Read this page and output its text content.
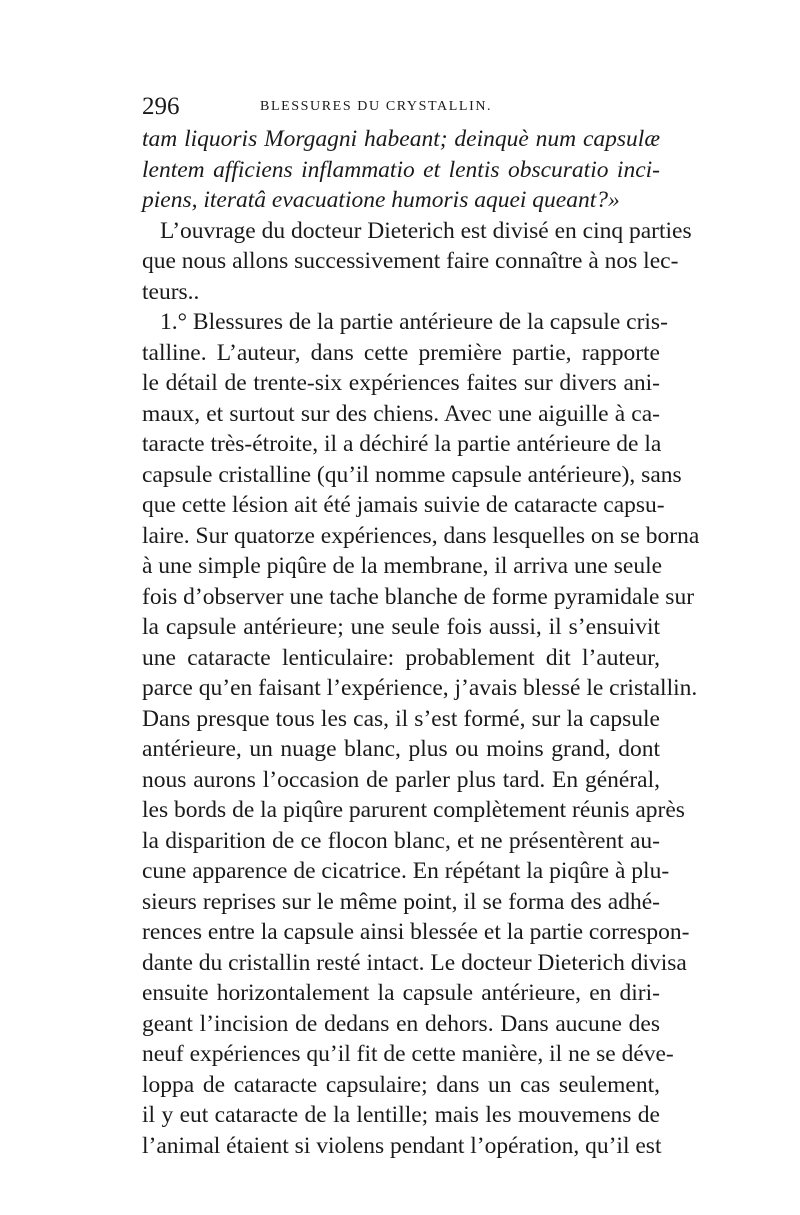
296	BLESSURES DU CRYSTALLIN.
tam liquoris Morgagni habeant; deinquè num capsulæ
lentem afficiens inflammatio et lentis obscuratio inci-
piens, iteratâ evacuatione humoris aquei queant?»
L’ouvrage du docteur Dieterich est divisé en cinq parties
que nous allons successivement faire connaître à nos lec-
teurs..
1.° Blessures de la partie antérieure de la capsule cris-
talline. L’auteur, dans cette première partie, rapporte
le détail de trente-six expériences faites sur divers ani-
maux, et surtout sur des chiens. Avec une aiguille à ca-
taracte très-étroite, il a déchiré la partie antérieure de la
capsule cristalline (qu’il nomme capsule antérieure), sans
que cette lésion ait été jamais suivie de cataracte capsu-
laire. Sur quatorze expériences, dans lesquelles on se borna
à une simple piqûre de la membrane, il arriva une seule
fois d’observer une tache blanche de forme pyramidale sur
la capsule antérieure; une seule fois aussi, il s’ensuivit
une cataracte lenticulaire: probablement dit l’auteur,
parce qu’en faisant l’expérience, j’avais blessé le cristallin.
Dans presque tous les cas, il s’est formé, sur la capsule
antérieure, un nuage blanc, plus ou moins grand, dont
nous aurons l’occasion de parler plus tard. En général,
les bords de la piqûre parurent complètement réunis après
la disparition de ce flocon blanc, et ne présentèrent au-
cune apparence de cicatrice. En répétant la piqûre à plu-
sieurs reprises sur le même point, il se forma des adhé-
rences entre la capsule ainsi blessée et la partie correspon-
dante du cristallin resté intact. Le docteur Dieterich divisa
ensuite horizontalement la capsule antérieure, en diri-
geant l’incision de dedans en dehors. Dans aucune des
neuf expériences qu’il fit de cette manière, il ne se déve-
loppa de cataracte capsulaire; dans un cas seulement,
il y eut cataracte de la lentille; mais les mouvemens de
l’animal étaient si violens pendant l’opération, qu’il est
